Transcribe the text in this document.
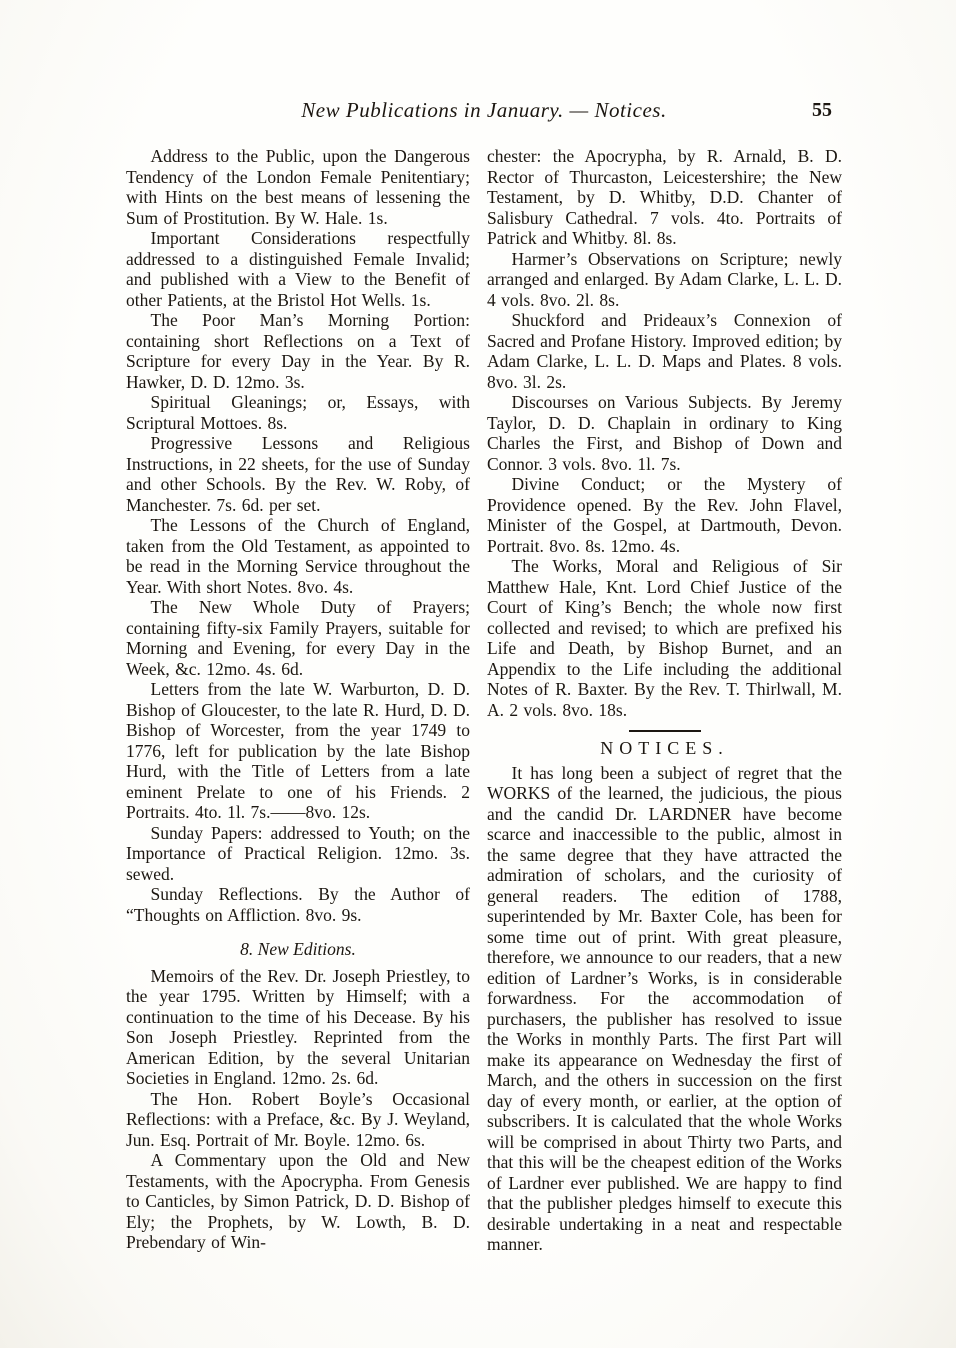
New Publications in January. — Notices.	55

Address to the Public, upon the Dangerous Tendency of the London Female Penitentiary; with Hints on the best means of lessening the Sum of Prostitution. By W. Hale. 1s.

Important Considerations respectfully addressed to a distinguished Female Invalid; and published with a View to the Benefit of other Patients, at the Bristol Hot Wells. 1s.

The Poor Man’s Morning Portion: containing short Reflections on a Text of Scripture for every Day in the Year. By R. Hawker, D. D. 12mo. 3s.

Spiritual Gleanings; or, Essays, with Scriptural Mottoes. 8s.

Progressive Lessons and Religious Instructions, in 22 sheets, for the use of Sunday and other Schools. By the Rev. W. Roby, of Manchester. 7s. 6d. per set.

The Lessons of the Church of England, taken from the Old Testament, as appointed to be read in the Morning Service throughout the Year. With short Notes. 8vo. 4s.

The New Whole Duty of Prayers; containing fifty-six Family Prayers, suitable for Morning and Evening, for every Day in the Week, &c. 12mo. 4s. 6d.

Letters from the late W. Warburton, D. D. Bishop of Gloucester, to the late R. Hurd, D. D. Bishop of Worcester, from the year 1749 to 1776, left for publication by the late Bishop Hurd, with the Title of Letters from a late eminent Prelate to one of his Friends. 2 Portraits. 4to. 1l. 7s.——8vo. 12s.

Sunday Papers: addressed to Youth; on the Importance of Practical Religion. 12mo. 3s. sewed.

Sunday Reflections. By the Author of “Thoughts on Affliction. 8vo. 9s.

8. New Editions.

Memoirs of the Rev. Dr. Joseph Priestley, to the year 1795. Written by Himself; with a continuation to the time of his Decease. By his Son Joseph Priestley. Reprinted from the American Edition, by the several Unitarian Societies in England. 12mo. 2s. 6d.

The Hon. Robert Boyle’s Occasional Reflections: with a Preface, &c. By J. Weyland, Jun. Esq. Portrait of Mr. Boyle. 12mo. 6s.

A Commentary upon the Old and New Testaments, with the Apocrypha. From Genesis to Canticles, by Simon Patrick, D. D. Bishop of Ely; the Prophets, by W. Lowth, B. D. Prebendary of Win-

chester: the Apocrypha, by R. Arnald, B. D. Rector of Thurcaston, Leicestershire; the New Testament, by D. Whitby, D.D. Chanter of Salisbury Cathedral. 7 vols. 4to. Portraits of Patrick and Whitby. 8l. 8s.

Harmer’s Observations on Scripture; newly arranged and enlarged. By Adam Clarke, L. L. D. 4 vols. 8vo. 2l. 8s.

Shuckford and Prideaux’s Connexion of Sacred and Profane History. Improved edition; by Adam Clarke, L. L. D. Maps and Plates. 8 vols. 8vo. 3l. 2s.

Discourses on Various Subjects. By Jeremy Taylor, D. D. Chaplain in ordinary to King Charles the First, and Bishop of Down and Connor. 3 vols. 8vo. 1l. 7s.

Divine Conduct; or the Mystery of Providence opened. By the Rev. John Flavel, Minister of the Gospel, at Dartmouth, Devon. Portrait. 8vo. 8s. 12mo. 4s.

The Works, Moral and Religious of Sir Matthew Hale, Knt. Lord Chief Justice of the Court of King’s Bench; the whole now first collected and revised; to which are prefixed his Life and Death, by Bishop Burnet, and an Appendix to the Life including the additional Notes of R. Baxter. By the Rev. T. Thirlwall, M. A. 2 vols. 8vo. 18s.

NOTICES.

It has long been a subject of regret that the WORKS of the learned, the judicious, the pious and the candid Dr. LARDNER have become scarce and inaccessible to the public, almost in the same degree that they have attracted the admiration of scholars, and the curiosity of general readers. The edition of 1788, superintended by Mr. Baxter Cole, has been for some time out of print. With great pleasure, therefore, we announce to our readers, that a new edition of Lardner’s Works, is in considerable forwardness. For the accommodation of purchasers, the publisher has resolved to issue the Works in monthly Parts. The first Part will make its appearance on Wednesday the first of March, and the others in succession on the first day of every month, or earlier, at the option of subscribers. It is calculated that the whole Works will be comprised in about Thirty two Parts, and that this will be the cheapest edition of the Works of Lardner ever published. We are happy to find that the publisher pledges himself to execute this desirable undertaking in a neat and respectable manner.
